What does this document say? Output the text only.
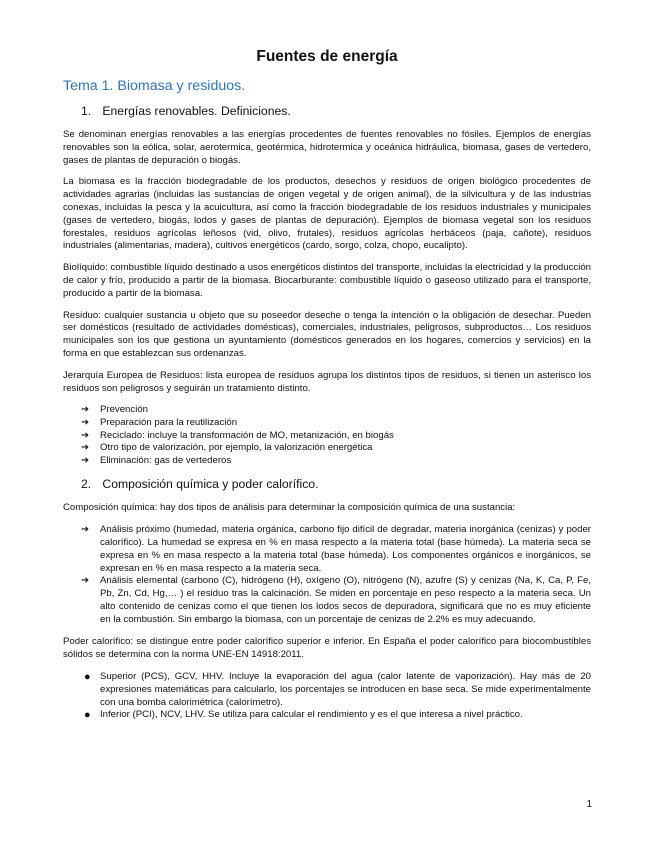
Fuentes de energía
Tema 1. Biomasa y residuos.
1. Energías renovables. Definiciones.

Se denominan energías renovables a las energías procedentes de fuentes renovables no fósiles. Ejemplos de energías renovables son la eólica, solar, aerotermica, geotérmica, hidrotermica y oceánica hidráulica, biomasa, gases de vertedero, gases de plantas de depuración o biogás.

La biomasa es la fracción biodegradable de los productos, desechos y residuos de origen biológico procedentes de actividades agrarias (incluidas las sustancias de origen vegetal y de origen animal), de la silvicultura y de las industrias conexas, incluidas la pesca y la acuicultura, así como la fracción biodegradable de los residuos industriales y municipales (gases de vertedero, biogás, lodos y gases de plantas de depuración). Ejemplos de biomasa vegetal son los residuos forestales, residuos agrícolas leñosos (vid, olivo, frutales), residuos agrícolas herbáceos (paja, cañote), residuos industriales (alimentarias, madera), cultivos energéticos (cardo, sorgo, colza, chopo, eucalipto).

Biolíquido: combustible líquido destinado a usos energéticos distintos del transporte, incluidas la electricidad y la producción de calor y frío, producido a partir de la biomasa. Biocarburante: combustible líquido o gaseoso utilizado para el transporte, producido a partir de la biomasa.

Residuo: cualquier sustancia u objeto que su poseedor deseche o tenga la intención o la obligación de desechar. Pueden ser domésticos (resultado de actividades domésticas), comerciales, industriales, peligrosos, subproductos… Los residuos municipales son los que gestiona un ayuntamiento (domésticos generados en los hogares, comercios y servicios) en la forma en que establezcan sus ordenanzas.

Jerarquía Europea de Residuos: lista europea de residuos agrupa los distintos tipos de residuos, si tienen un asterisco los residuos son peligrosos y seguirán un tratamiento distinto.

➔ Prevención
➔ Preparación para la reutilización
➔ Reciclado: incluye la transformación de MO, metanización, en biogás
➔ Otro tipo de valorización, por ejemplo, la valorización energética
➔ Eliminación: gas de vertederos
2. Composición química y poder calorífico.

Composición química: hay dos tipos de análisis para determinar la composición química de una sustancia:

➔ Análisis próximo (humedad, materia orgánica, carbono fijo difícil de degradar, materia inorgánica (cenizas) y poder calorífico). La humedad se expresa en % en masa respecto a la materia total (base húmeda). La materia seca se expresa en % en masa respecto a la materia total (base húmeda). Los componentes orgánicos e inorgánicos, se expresan en % en masa respecto a la materia seca.
➔ Análisis elemental (carbono (C), hidrógeno (H), oxígeno (O), nitrógeno (N), azufre (S) y cenizas (Na, K, Ca, P, Fe, Pb, Zn, Cd, Hg,… ) el residuo tras la calcinación. Se miden en porcentaje en peso respecto a la materia seca. Un alto contenido de cenizas como el que tienen los lodos secos de depuradora, significará que no es muy eficiente en la combustión. Sin embargo la biomasa, con un porcentaje de cenizas de 2.2% es muy adecuando.

Poder calorífico: se distingue entre poder calorífico superior e inferior. En España el poder calorífico para biocombustibles sólidos se determina con la norma UNE-EN 14918:2011.

● Superior (PCS), GCV, HHV. Incluye la evaporación del agua (calor latente de vaporización). Hay más de 20 expresiones matemáticas para calcularlo, los porcentajes se introducen en base seca. Se mide experimentalmente con una bomba calorimétrica (calorímetro).
● Inferior (PCI), NCV, LHV. Se utiliza para calcular el rendimiento y es el que interesa a nivel práctico.
1
